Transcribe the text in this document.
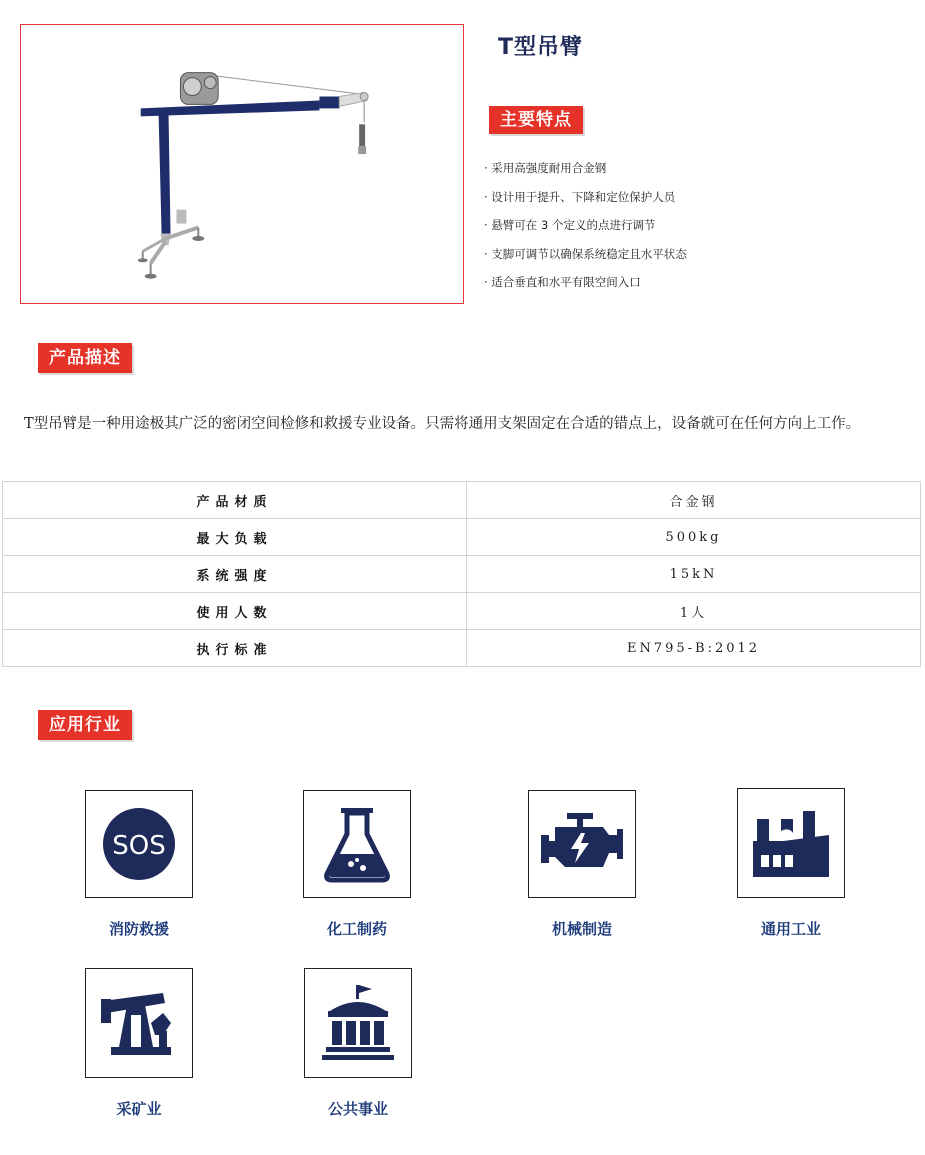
T型吊臂
主要特点
· 采用高强度耐用合金钢
· 设计用于提升、下降和定位保护人员
· 悬臂可在 3 个定义的点进行调节
· 支脚可调节以确保系统稳定且水平状态
· 适合垂直和水平有限空间入口
产品描述

T型吊臂是一种用途极其广泛的密闭空间检修和救援专业设备。只需将通用支架固定在合适的错点上，设备就可在任何方向上工作。

产品材质	合金钢
最大负载	500kg
系统强度	15kN
使用人数	1人
执行标准	EN795-B:2012
应用行业
SOS
消防救援	化工制药	机械制造	通用工业
采矿业	公共事业
